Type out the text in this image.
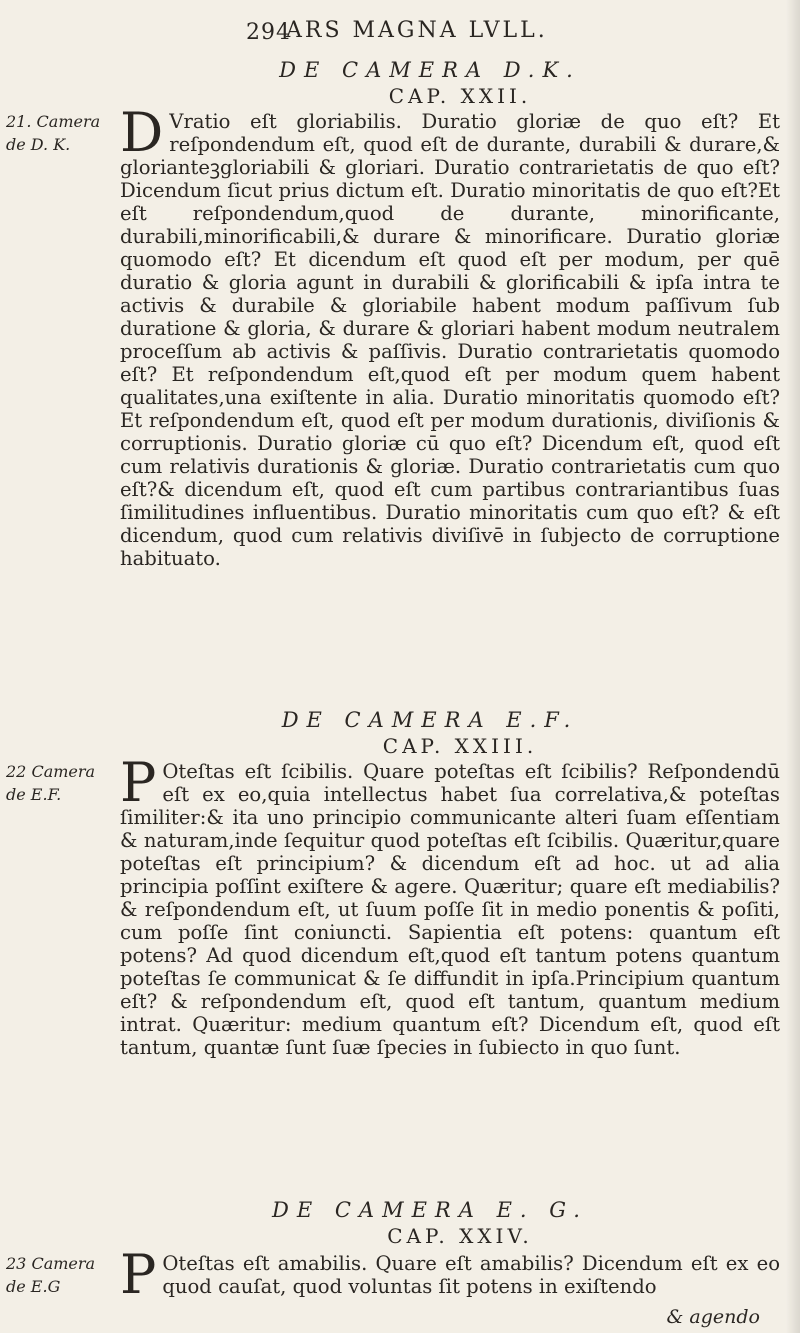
294
ARS MAGNA LVLL.
DE CAMERA D.K.
CAP. XXII.
21. Camera de D. K. D Vratio eſt gloriabilis. Duratio gloriæ de quo eſt? Et reſpondendum eſt, quod eſt de durante, durabili & durare,& glorianteꝫgloriabili & gloriari. Duratio contrarietatis de quo eſt? Dicendum ſicut prius dictum eſt. Duratio minoritatis de quo eſt?Et eſt reſpondendum,quod de durante, minorificante, durabili,minorificabili,& durare & minorificare. Duratio gloriæ quomodo eſt? Et dicendum eſt quod eſt per modum, per quē duratio & gloria agunt in durabili & glorificabili & ipſa intra te activis & durabile & gloriabile habent modum paſſivum ſub duratione & gloria, & durare & gloriari habent modum neutralem proceſſum ab activis & paſſivis. Duratio contrarietatis quomodo eſt? Et reſpondendum eſt,quod eſt per modum quem habent qualitates,una exiſtente in alia. Duratio minoritatis quomodo eſt? Et reſpondendum eſt, quod eſt per modum durationis, diviſionis & corruptionis. Duratio gloriæ cū quo eſt? Dicendum eſt, quod eſt cum relativis durationis & gloriæ. Duratio contrarietatis cum quo eſt?& dicendum eſt, quod eſt cum partibus contrariantibus ſuas ſimilitudines influentibus. Duratio minoritatis cum quo eſt? & eſt dicendum, quod cum relativis diviſivē in ſubjecto de corruptione habituato.
DE CAMERA E.F.
CAP. XXIII.
22 Camera de E.F.	P Oteſtas eſt ſcibilis. Quare poteſtas eſt ſcibilis? Reſpondendū eſt ex eo,quia intellectus habet ſua correlativa,& poteſtas ſimiliter:& ita uno principio communicante alteri ſuam eſſentiam & naturam,inde ſequitur quod poteſtas eſt ſcibilis. Quæritur,quare poteſtas eſt principium? & dicendum eſt ad hoc. ut ad alia principia poſſint exiſtere & agere. Quæritur; quare eſt mediabilis? & reſpondendum eſt, ut ſuum poſſe ſit in medio ponentis & poſiti, cum poſſe ſint coniuncti. Sapientia eſt potens: quantum eſt potens? Ad quod dicendum eſt,quod eſt tantum potens quantum poteſtas ſe communicat & ſe diffundit in ipſa.Principium quantum eſt? & reſpondendum eſt, quod eſt tantum, quantum medium intrat. Quæritur: medium quantum eſt? Dicendum eſt, quod eſt tantum, quantæ ſunt ſuæ ſpecies in ſubiecto in quo ſunt.
DE CAMERA E. G.
CAP. XXIV.
23 Camera de E.G	P Oteſtas eſt amabilis. Quare eſt amabilis? Dicendum eſt ex eo quod cauſat, quod voluntas ſit potens in exiſtendo
& agendo
